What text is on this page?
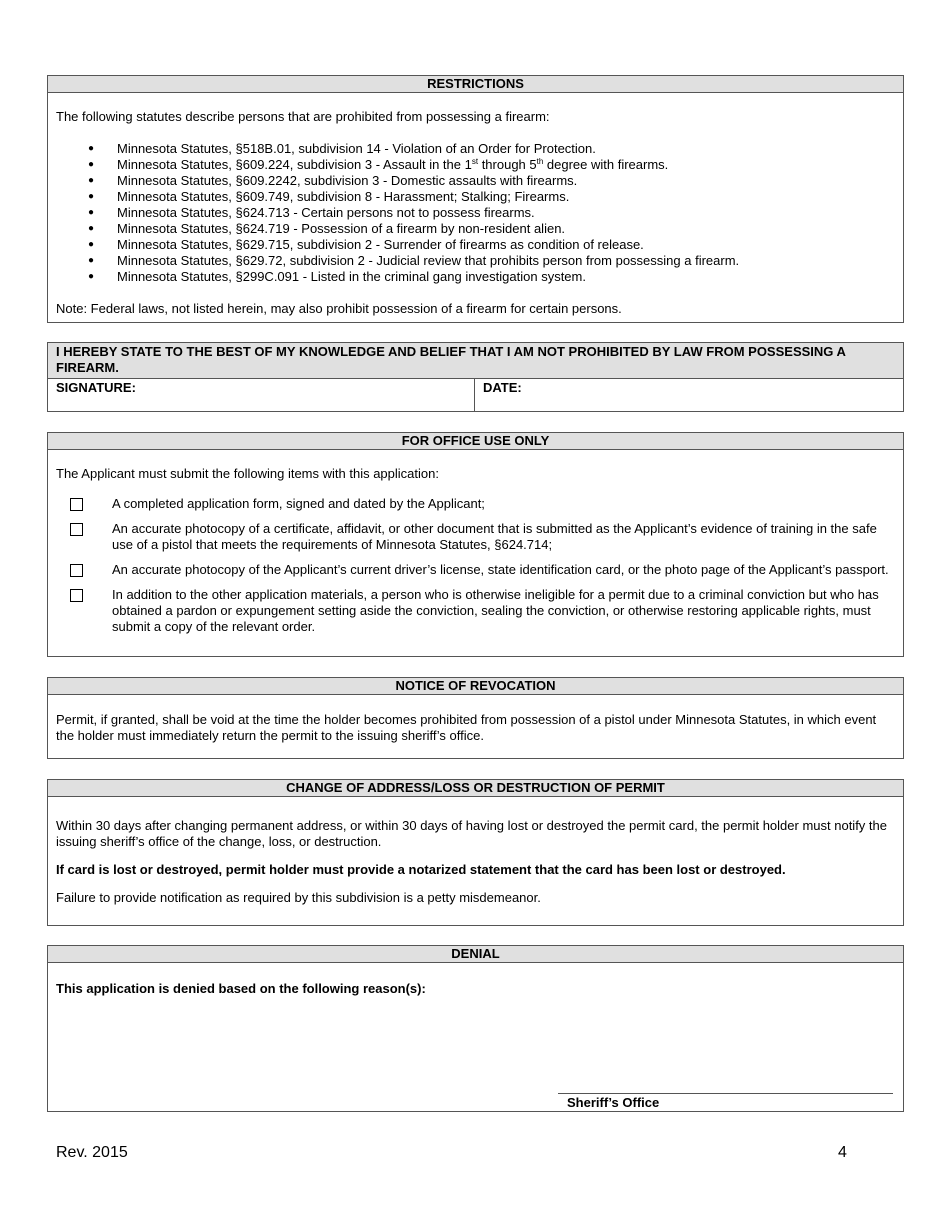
RESTRICTIONS

The following statutes describe persons that are prohibited from possessing a firearm:

● Minnesota Statutes, §518B.01, subdivision 14 - Violation of an Order for Protection.
● Minnesota Statutes, §609.224, subdivision 3 - Assault in the 1st through 5th degree with firearms.
● Minnesota Statutes, §609.2242, subdivision 3 - Domestic assaults with firearms.
● Minnesota Statutes, §609.749, subdivision 8 - Harassment; Stalking; Firearms.
● Minnesota Statutes, §624.713 - Certain persons not to possess firearms.
● Minnesota Statutes, §624.719 - Possession of a firearm by non-resident alien.
● Minnesota Statutes, §629.715, subdivision 2 - Surrender of firearms as condition of release.
● Minnesota Statutes, §629.72, subdivision 2 - Judicial review that prohibits person from possessing a firearm.
● Minnesota Statutes, §299C.091 - Listed in the criminal gang investigation system.

Note: Federal laws, not listed herein, may also prohibit possession of a firearm for certain persons.

I HEREBY STATE TO THE BEST OF MY KNOWLEDGE AND BELIEF THAT I AM NOT PROHIBITED BY LAW FROM POSSESSING A FIREARM.
SIGNATURE:	DATE:
FOR OFFICE USE ONLY

The Applicant must submit the following items with this application:

A completed application form, signed and dated by the Applicant;
An accurate photocopy of a certificate, affidavit, or other document that is submitted as the Applicant’s evidence of training in the safe use of a pistol that meets the requirements of Minnesota Statutes, §624.714;
An accurate photocopy of the Applicant’s current driver’s license, state identification card, or the photo page of the Applicant’s passport.
In addition to the other application materials, a person who is otherwise ineligible for a permit due to a criminal conviction but who has obtained a pardon or expungement setting aside the conviction, sealing the conviction, or otherwise restoring applicable rights, must submit a copy of the relevant order.
NOTICE OF REVOCATION

Permit, if granted, shall be void at the time the holder becomes prohibited from possession of a pistol under Minnesota Statutes, in which event the holder must immediately return the permit to the issuing sheriff’s office.

CHANGE OF ADDRESS/LOSS OR DESTRUCTION OF PERMIT

Within 30 days after changing permanent address, or within 30 days of having lost or destroyed the permit card, the permit holder must notify the issuing sheriff’s office of the change, loss, or destruction.

If card is lost or destroyed, permit holder must provide a notarized statement that the card has been lost or destroyed.

Failure to provide notification as required by this subdivision is a petty misdemeanor.

DENIAL

This application is denied based on the following reason(s):

Sheriff’s Office
Rev. 2015	4
